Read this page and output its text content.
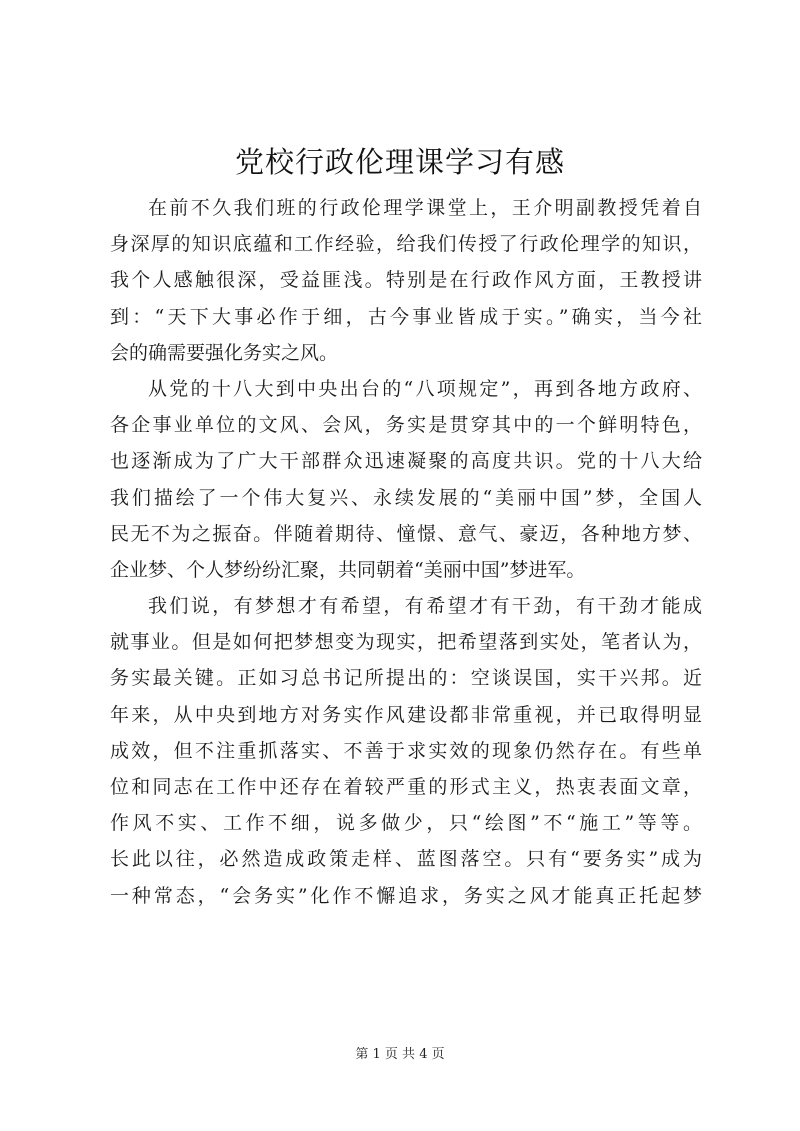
党校行政伦理课学习有感
在前不久我们班的行政伦理学课堂上，王介明副教授凭着自
身深厚的知识底蕴和工作经验，给我们传授了行政伦理学的知识，
我个人感触很深，受益匪浅。特别是在行政作风方面，王教授讲
到：“天下大事必作于细，古今事业皆成于实。”确实，当今社
会的确需要强化务实之风。
从党的十八大到中央出台的“八项规定”，再到各地方政府、
各企事业单位的文风、会风，务实是贯穿其中的一个鲜明特色，
也逐渐成为了广大干部群众迅速凝聚的高度共识。党的十八大给
我们描绘了一个伟大复兴、永续发展的“美丽中国”梦，全国人
民无不为之振奋。伴随着期待、憧憬、意气、豪迈，各种地方梦、
企业梦、个人梦纷纷汇聚，共同朝着“美丽中国”梦进军。
我们说，有梦想才有希望，有希望才有干劲，有干劲才能成
就事业。但是如何把梦想变为现实，把希望落到实处，笔者认为，
务实最关键。正如习总书记所提出的：空谈误国，实干兴邦。近
年来，从中央到地方对务实作风建设都非常重视，并已取得明显
成效，但不注重抓落实、不善于求实效的现象仍然存在。有些单
位和同志在工作中还存在着较严重的形式主义，热衷表面文章，
作风不实、工作不细，说多做少，只“绘图”不“施工”等等。
长此以往，必然造成政策走样、蓝图落空。只有“要务实”成为
一种常态，“会务实”化作不懈追求，务实之风才能真正托起梦
第 1 页 共 4 页
